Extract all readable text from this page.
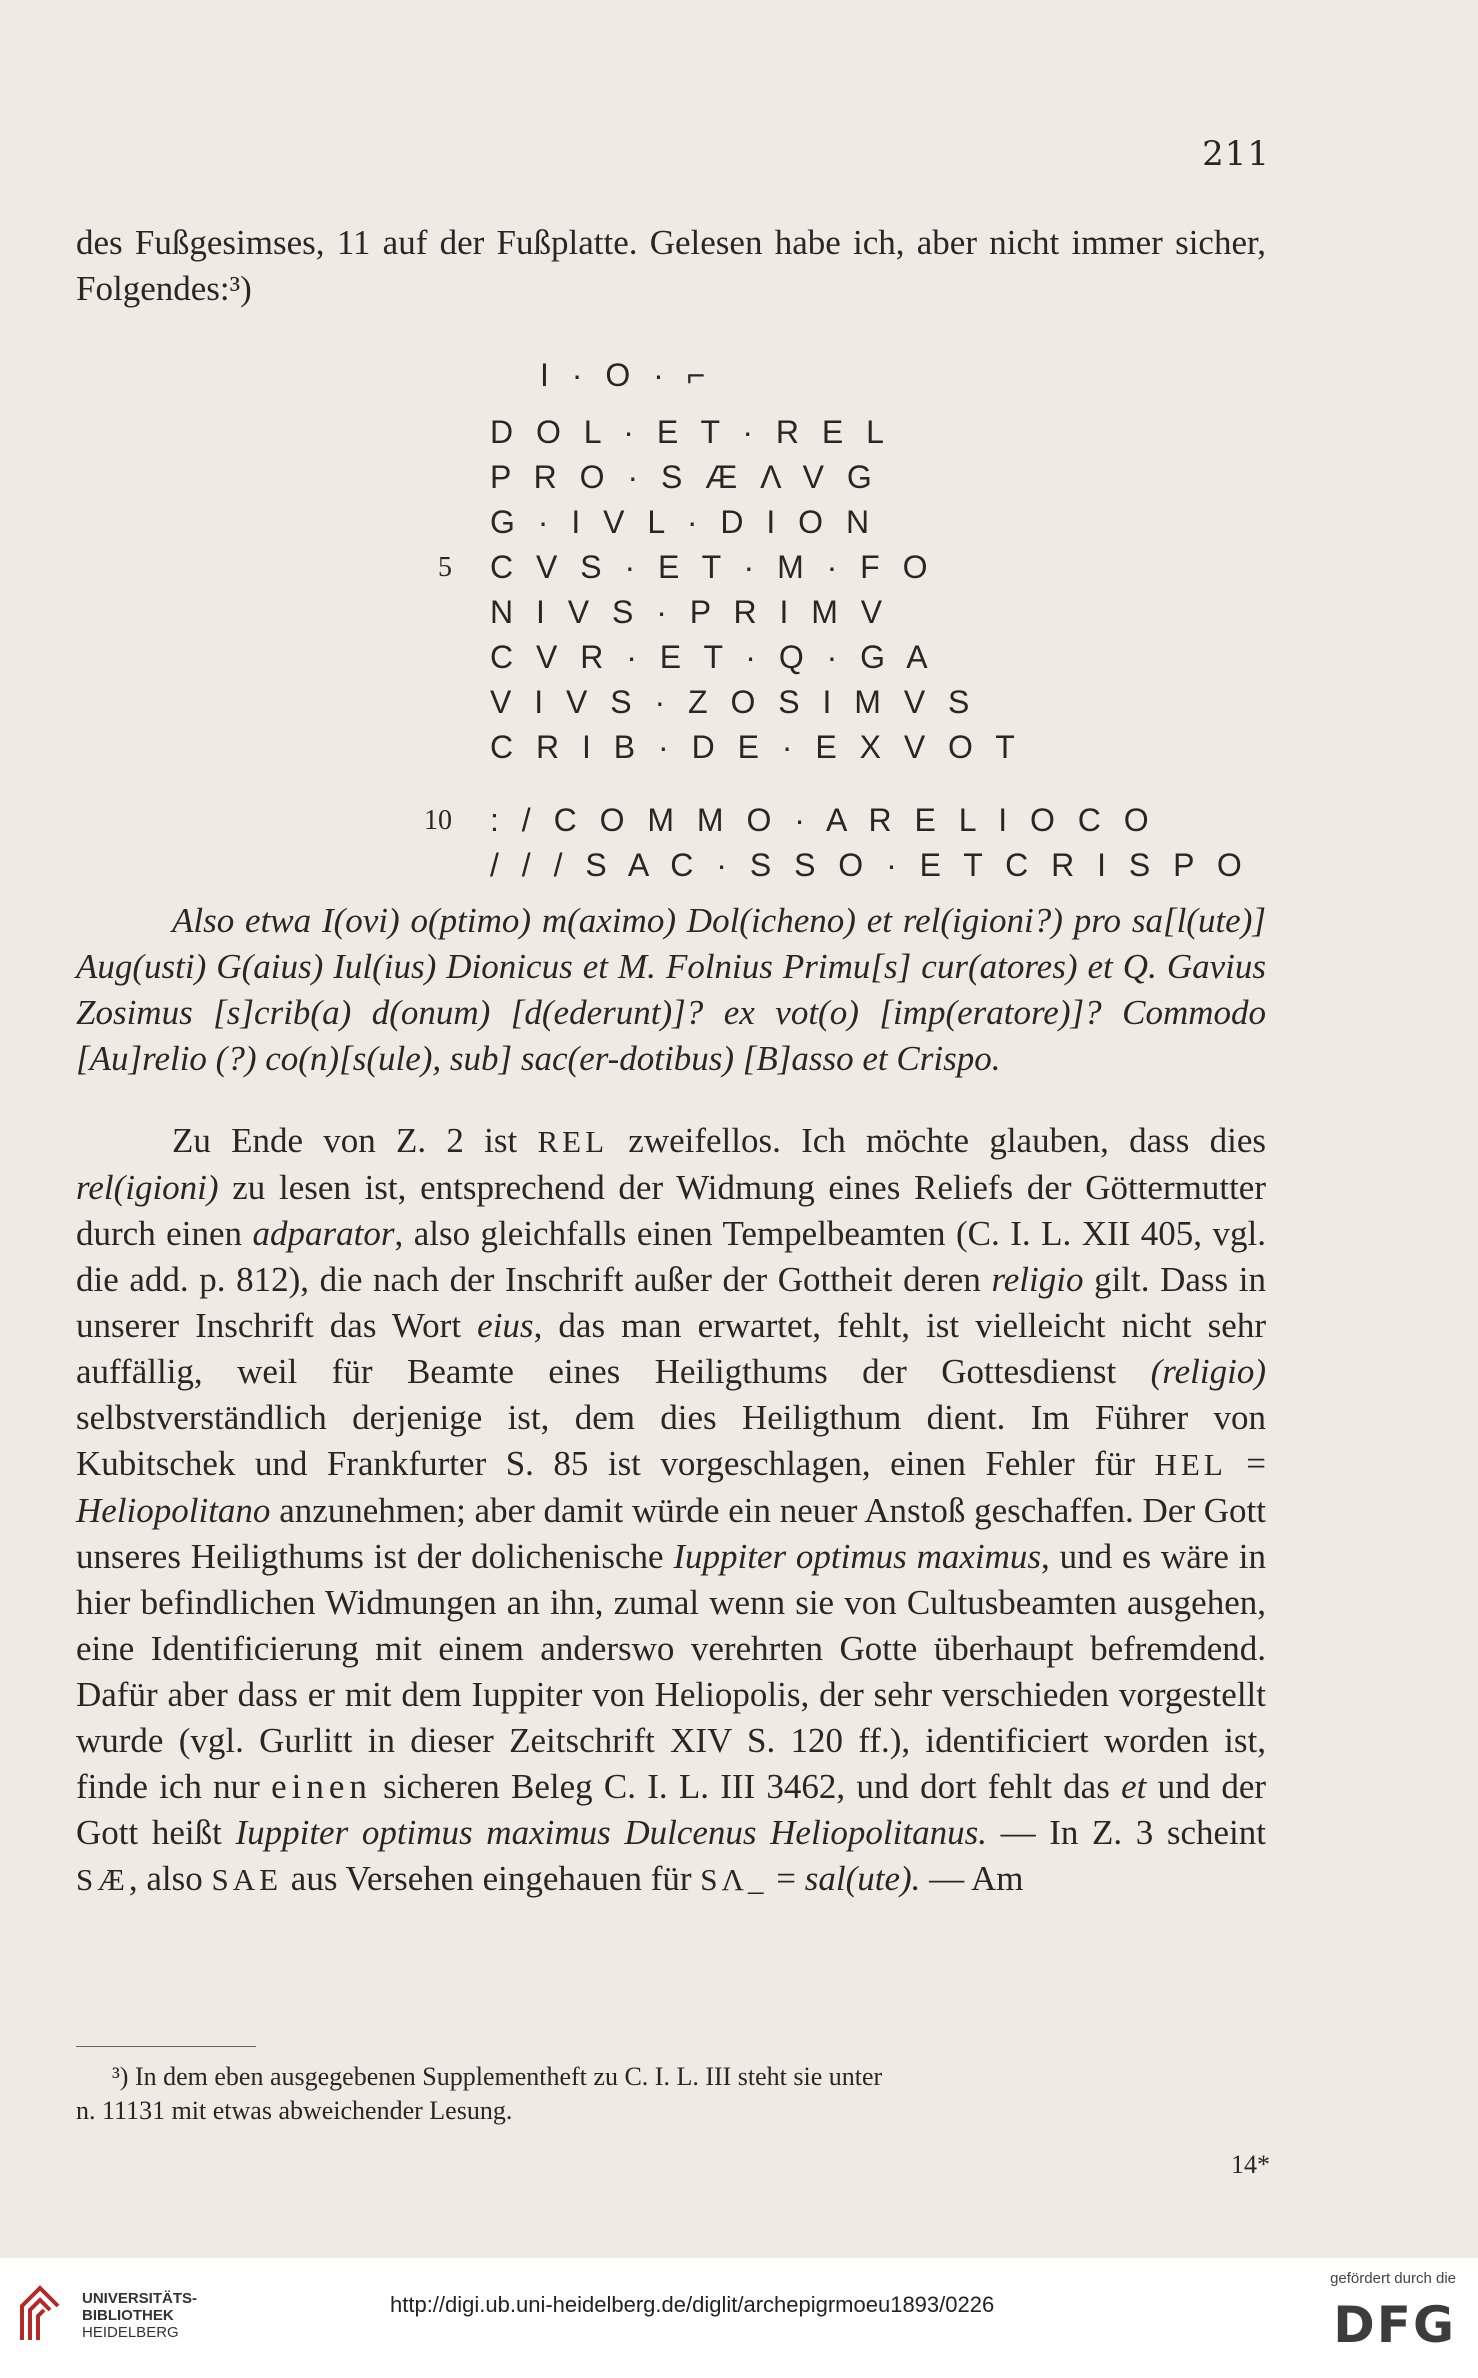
211

des Fußgesimses, 11 auf der Fußplatte. Gelesen habe ich, aber nicht immer sicher, Folgendes:³)

I · O · ⌐
D O L · E T · R E L
P R O · S Æ Λ V G
G · I V L · D I O N
5 C V S · E T · M · F O
N I V S · P R I M V
C V R · E T · Q · G A
V I V S · Z O S I M V S
C R I B · D E · E X V O T
10 : / C O M M O · A R E L I O C O
/ / / S A C · S S O · E T C R I S P O

Also etwa I(ovi) o(ptimo) m(aximo) Dol(icheno) et rel(igioni?) pro sa[l(ute)] Aug(usti) G(aius) Iul(ius) Dionicus et M. Folnius Primu[s] cur(atores) et Q. Gavius Zosimus [s]crib(a) d(onum) [d(ederunt)]? ex vot(o) [imp(eratore)]? Commodo [Au]relio (?) co(n)[s(ule), sub] sac(er-dotibus) [B]asso et Crispo.

Zu Ende von Z. 2 ist REL zweifellos. Ich möchte glauben, dass dies rel(igioni) zu lesen ist, entsprechend der Widmung eines Reliefs der Göttermutter durch einen adparator, also gleichfalls einen Tempelbeamten (C. I. L. XII 405, vgl. die add. p. 812), die nach der Inschrift außer der Gottheit deren religio gilt. Dass in unserer Inschrift das Wort eius, das man erwartet, fehlt, ist vielleicht nicht sehr auffällig, weil für Beamte eines Heiligthums der Gottesdienst (religio) selbstverständlich derjenige ist, dem dies Heiligthum dient. Im Führer von Kubitschek und Frankfurter S. 85 ist vorgeschlagen, einen Fehler für HEL = Heliopolitano anzunehmen; aber damit würde ein neuer Anstoß geschaffen. Der Gott unseres Heiligthums ist der dolichenische Iuppiter optimus maximus, und es wäre in hier befindlichen Widmungen an ihn, zumal wenn sie von Cultusbeamten ausgehen, eine Identificierung mit einem anderswo verehrten Gotte überhaupt befremdend. Dafür aber dass er mit dem Iuppiter von Heliopolis, der sehr verschieden vorgestellt wurde (vgl. Gurlitt in dieser Zeitschrift XIV S. 120 ff.), identificiert worden ist, finde ich nur einen sicheren Beleg C. I. L. III 3462, und dort fehlt das et und der Gott heißt Iuppiter optimus maximus Dulcenus Heliopolitanus. — In Z. 3 scheint SÆ, also SAE aus Versehen eingehauen für SΛ_ = sal(ute). — Am

³) In dem eben ausgegebenen Supplementheft zu C. I. L. III steht sie unter
n. 11131 mit etwas abweichender Lesung.
14*
UNIVERSITÄTS-
BIBLIOTHEK
HEIDELBERG
http://digi.ub.uni-heidelberg.de/diglit/archepigrmoeu1893/0226
gefördert durch die
DFG
